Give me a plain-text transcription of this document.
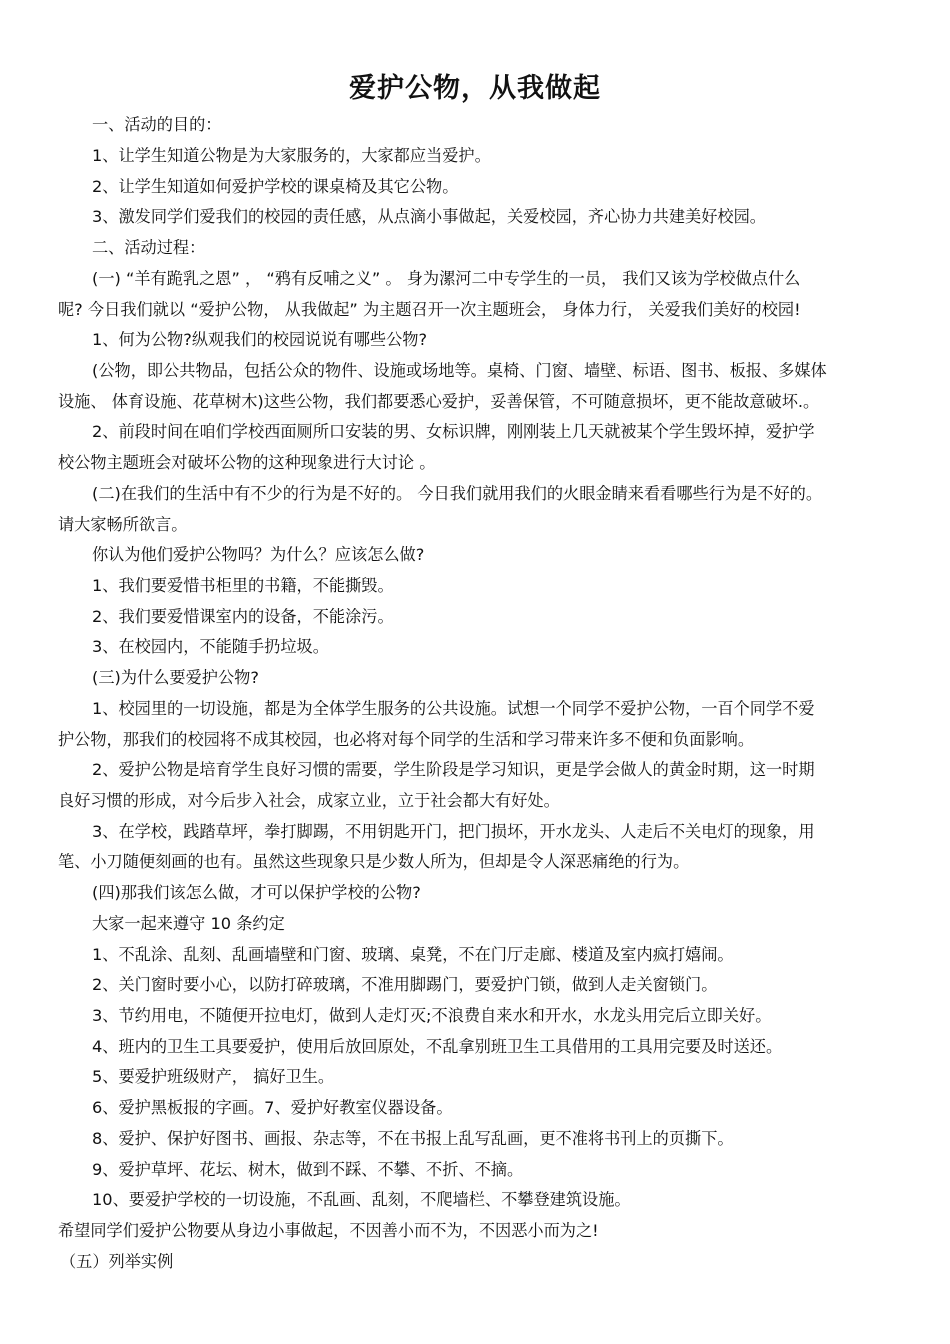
爱护公物，从我做起
一、活动的目的：
1、让学生知道公物是为大家服务的，大家都应当爱护。
2、让学生知道如何爱护学校的课桌椅及其它公物。
3、激发同学们爱我们的校园的责任感，从点滴小事做起，关爱校园，齐心协力共建美好校园。
二、活动过程：
(一) “羊有跪乳之恩” ， “鸦有反哺之义” 。 身为漯河二中专学生的一员， 我们又该为学校做点什么
呢? 今日我们就以 “爱护公物， 从我做起” 为主题召开一次主题班会， 身体力行， 关爱我们美好的校园!
1、何为公物?纵观我们的校园说说有哪些公物?
(公物，即公共物品，包括公众的物件、设施或场地等。桌椅、门窗、墙壁、标语、图书、板报、多媒体
设施、 体育设施、花草树木)这些公物，我们都要悉心爱护，妥善保管，不可随意损坏，更不能故意破坏.。
2、前段时间在咱们学校西面厕所口安装的男、女标识牌，刚刚装上几天就被某个学生毁坏掉，爱护学
校公物主题班会对破坏公物的这种现象进行大讨论 。
(二)在我们的生活中有不少的行为是不好的。 今日我们就用我们的火眼金睛来看看哪些行为是不好的。
请大家畅所欲言。
你认为他们爱护公物吗？为什么？应该怎么做?
1、我们要爱惜书柜里的书籍，不能撕毁。
2、我们要爱惜课室内的设备，不能涂污。
3、在校园内，不能随手扔垃圾。
(三)为什么要爱护公物?
1、校园里的一切设施，都是为全体学生服务的公共设施。试想一个同学不爱护公物，一百个同学不爱
护公物，那我们的校园将不成其校园，也必将对每个同学的生活和学习带来许多不便和负面影响。
2、爱护公物是培育学生良好习惯的需要，学生阶段是学习知识，更是学会做人的黄金时期，这一时期
良好习惯的形成，对今后步入社会，成家立业，立于社会都大有好处。
3、在学校，践踏草坪，拳打脚踢，不用钥匙开门，把门损坏，开水龙头、人走后不关电灯的现象，用
笔、小刀随便刻画的也有。虽然这些现象只是少数人所为，但却是令人深恶痛绝的行为。
(四)那我们该怎么做，才可以保护学校的公物?
大家一起来遵守 10 条约定
1、不乱涂、乱刻、乱画墙壁和门窗、玻璃、桌凳，不在门厅走廊、楼道及室内疯打嬉闹。
2、关门窗时要小心，以防打碎玻璃，不准用脚踢门，要爱护门锁，做到人走关窗锁门。
3、节约用电，不随便开拉电灯，做到人走灯灭;不浪费自来水和开水，水龙头用完后立即关好。
4、班内的卫生工具要爱护，使用后放回原处，不乱拿别班卫生工具借用的工具用完要及时送还。
5、要爱护班级财产， 搞好卫生。
6、爱护黑板报的字画。7、爱护好教室仪器设备。
8、爱护、保护好图书、画报、杂志等，不在书报上乱写乱画，更不准将书刊上的页撕下。
9、爱护草坪、花坛、树木，做到不踩、不攀、不折、不摘。
10、要爱护学校的一切设施，不乱画、乱刻，不爬墙栏、不攀登建筑设施。
希望同学们爱护公物要从身边小事做起，不因善小而不为，不因恶小而为之!
（五）列举实例
